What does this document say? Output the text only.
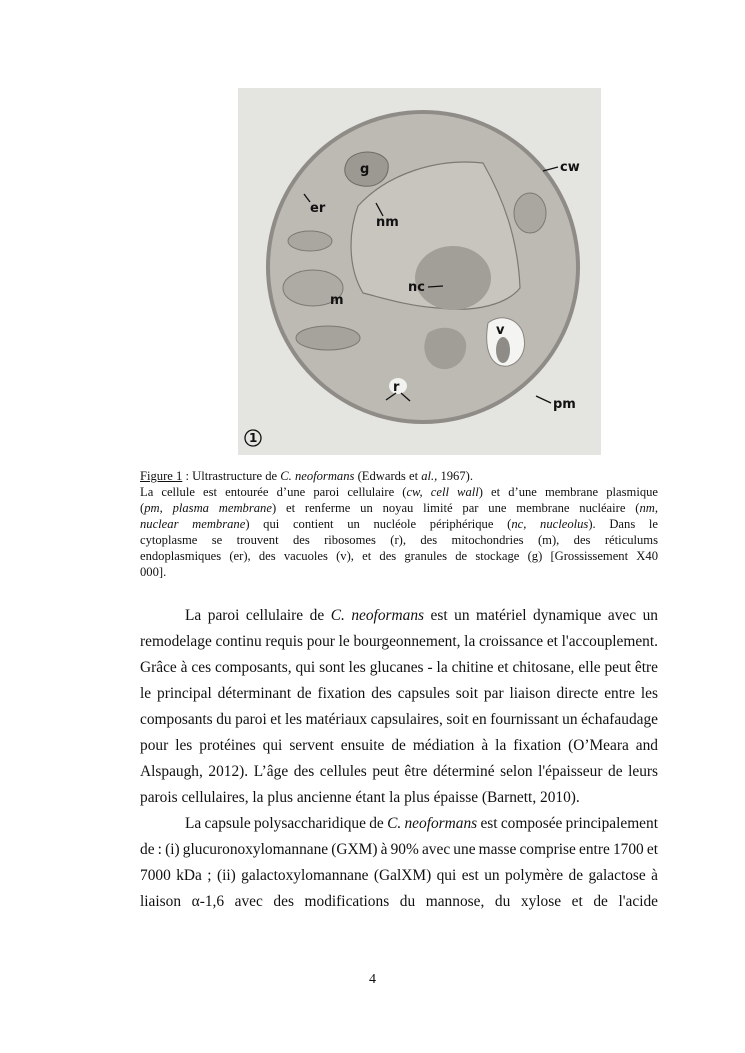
g
er
nm
cw
m
nc
v
r
pm
1
Figure 1 : Ultrastructure de C. neoformans (Edwards et al., 1967).
La cellule est entourée d’une paroi cellulaire (cw, cell wall) et d’une membrane plasmique
(pm, plasma membrane) et renferme un noyau limité par une membrane nucléaire (nm,
nuclear membrane) qui contient un nucléole périphérique (nc, nucleolus). Dans le
cytoplasme se trouvent des ribosomes (r), des mitochondries (m), des réticulums
endoplasmiques (er), des vacuoles (v), et des granules de stockage (g) [Grossissement X40
000].
La paroi cellulaire de C. neoformans est un matériel dynamique avec un
remodelage continu requis pour le bourgeonnement, la croissance et l'accouplement.
Grâce à ces composants, qui sont les glucanes - la chitine et chitosane, elle peut être
le principal déterminant de fixation des capsules soit par liaison directe entre les
composants du paroi et les matériaux capsulaires, soit en fournissant un échafaudage
pour les protéines qui servent ensuite de médiation à la fixation (O’Meara and
Alspaugh, 2012). L’âge des cellules peut être déterminé selon l'épaisseur de leurs
parois cellulaires, la plus ancienne étant la plus épaisse (Barnett, 2010).
La capsule polysaccharidique de C. neoformans est composée principalement
de : (i) glucuronoxylomannane (GXM) à 90% avec une masse comprise entre 1700 et
7000 kDa ; (ii) galactoxylomannane (GalXM) qui est un polymère de galactose à
liaison α-1,6 avec des modifications du mannose, du xylose et de l'acide
4
